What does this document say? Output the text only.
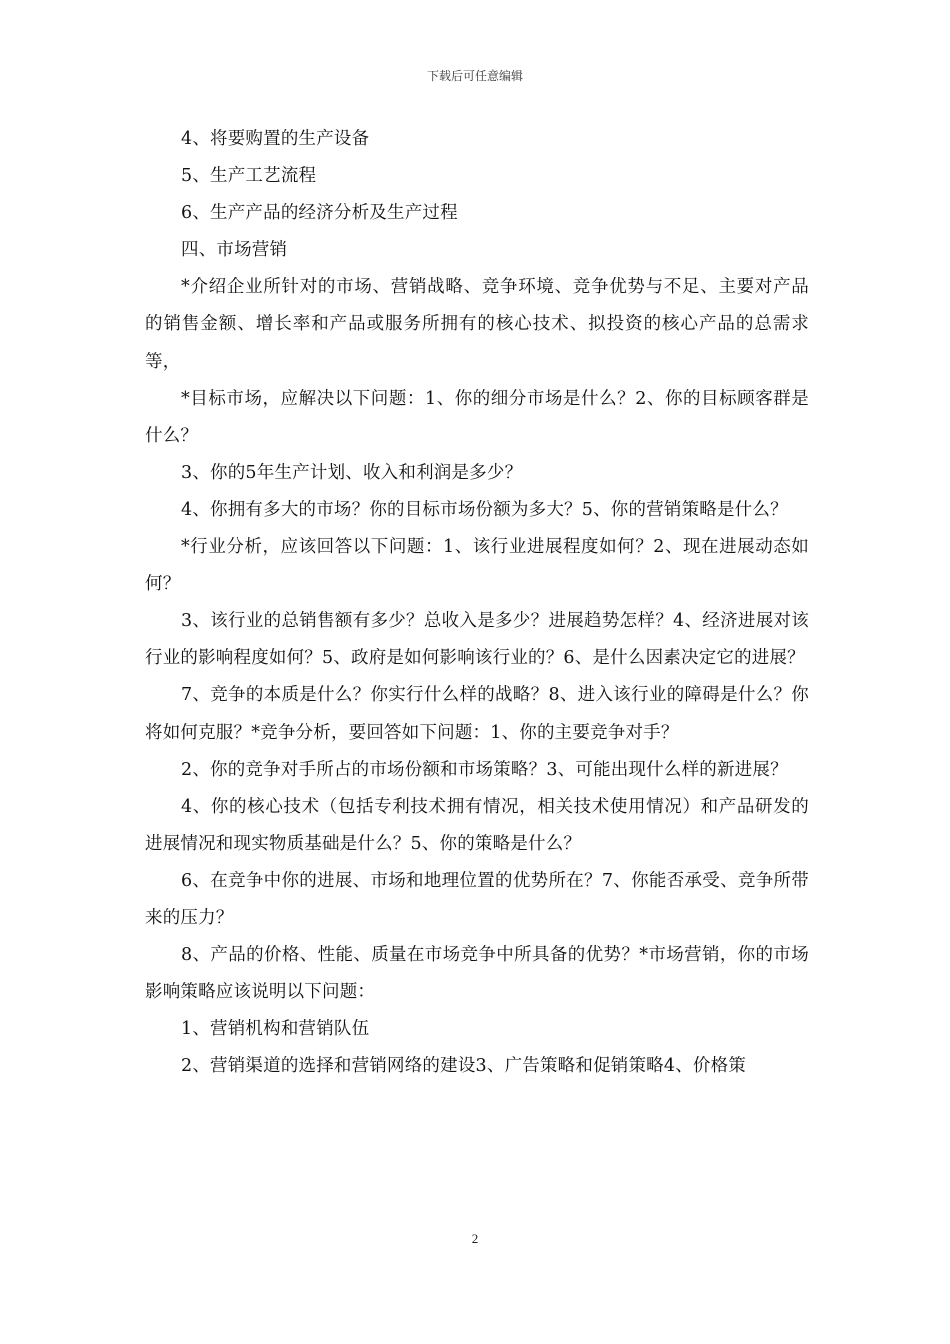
下载后可任意编辑

4、将要购置的生产设备

5、生产工艺流程

6、生产产品的经济分析及生产过程

四、市场营销

*介绍企业所针对的市场、营销战略、竞争环境、竞争优势与不足、主要对产品的销售金额、增长率和产品或服务所拥有的核心技术、拟投资的核心产品的总需求等，

*目标市场，应解决以下问题：1、你的细分市场是什么？2、你的目标顾客群是什么？

3、你的5年生产计划、收入和利润是多少？

4、你拥有多大的市场？你的目标市场份额为多大？5、你的营销策略是什么？

*行业分析，应该回答以下问题：1、该行业进展程度如何？2、现在进展动态如何？

3、该行业的总销售额有多少？总收入是多少？进展趋势怎样？4、经济进展对该行业的影响程度如何？5、政府是如何影响该行业的？6、是什么因素决定它的进展？

7、竞争的本质是什么？你实行什么样的战略？8、进入该行业的障碍是什么？你将如何克服？*竞争分析，要回答如下问题：1、你的主要竞争对手？

2、你的竞争对手所占的市场份额和市场策略？3、可能出现什么样的新进展？

4、你的核心技术（包括专利技术拥有情况，相关技术使用情况）和产品研发的进展情况和现实物质基础是什么？5、你的策略是什么？

6、在竞争中你的进展、市场和地理位置的优势所在？7、你能否承受、竞争所带来的压力？

8、产品的价格、性能、质量在市场竞争中所具备的优势？*市场营销，你的市场影响策略应该说明以下问题：

1、营销机构和营销队伍

2、营销渠道的选择和营销网络的建设3、广告策略和促销策略4、价格策

2
